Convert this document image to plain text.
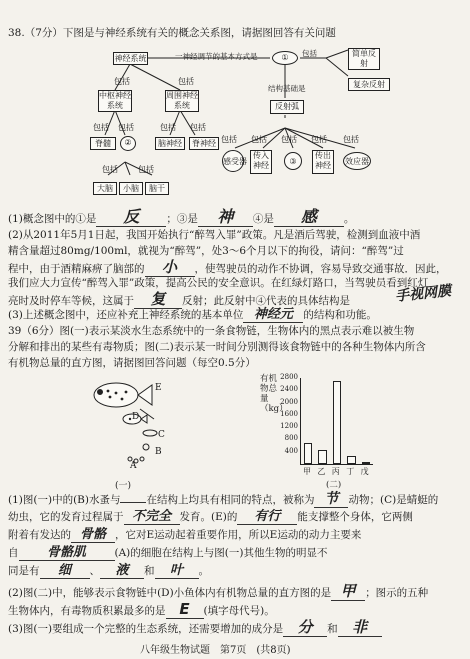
38.（7分）下图是与神经系统有关的概念关系图，请据图回答有关问题
神经系统	一神经调节的基本方式是	①	包括	简单反射
复杂反射
包括	包括
中枢神经系统
周围神经系统
结构基础是
反射弧
包括 包括	包括 包括
脊髓	②	脑神经	脊神经
包括	包括
大脑	小脑	脑干
包括 包括 包括 包括 包括
感受器
传入神经	③
传出神经	效应器
(1)概念图中的①是 反	；③是 神 ④是 感	。
(2)从2011年5月1日起，我国开始执行“醉驾入罪”政策。凡是酒后驾驶，检测到血液中酒
精含量超过80mg/100ml，就视为“醉驾”，处3～6个月以下的拘役，请问：“醉驾”过
程中，由于酒精麻痹了脑部的 小 ，使驾驶员的动作不协调，容易导致交通事故．因此，
我们应大力宣传“醉驾入罪”政策，提高公民的安全意识。在红绿灯路口，当驾驶员看到红灯
亮时及时停车等候，这属于 复 反射；此反射中④代表的具体结构是	手视网膜
(3)上述概念图中，还应补充上神经系统的基本单位 神经元 的结构和功能。
39（6分）图(一)表示某淡水生态系统中的一条食物链，生物体内的黑点表示难以被生物
分解和排出的某些有毒物质；图(二)表示某一时间分别测得该食物链中的各种生物体内所含
有机物总量的直方图，请据图回答问题（每空0.5分）
E
D
C
B
A
(一)
有机物总量（kg）
(二)
2800
2400
2000
1600
1200
800
400
甲 乙 丙 丁 戊
(1)图(一)中的(B)水蚤与 在结构上均具有相同的特点，被称为 节 动物；(C)是蜻蜓的
幼虫，它的发育过程属于 不完全 发育。(E)的 有行 能支撑整个身体，它两侧
附着有发达的 骨骼 ，它对E运动起着重要作用，所以E运动的动力主要来
自 骨骼肌	(A)的细胞在结构上与图(一)其他生物的明显不
同是有 细 、 液 和 叶 。
(2)图(二)中，能够表示食物链中(D)小鱼体内有机物总量的直方图的是 甲 ；图示的五种
生物体内，有毒物质积累最多的是 E (填字母代号)。
(3)图(一)要组成一个完整的生态系统，还需要增加的成分是 分 和 非
八年级生物试题　第7页　(共8页)
